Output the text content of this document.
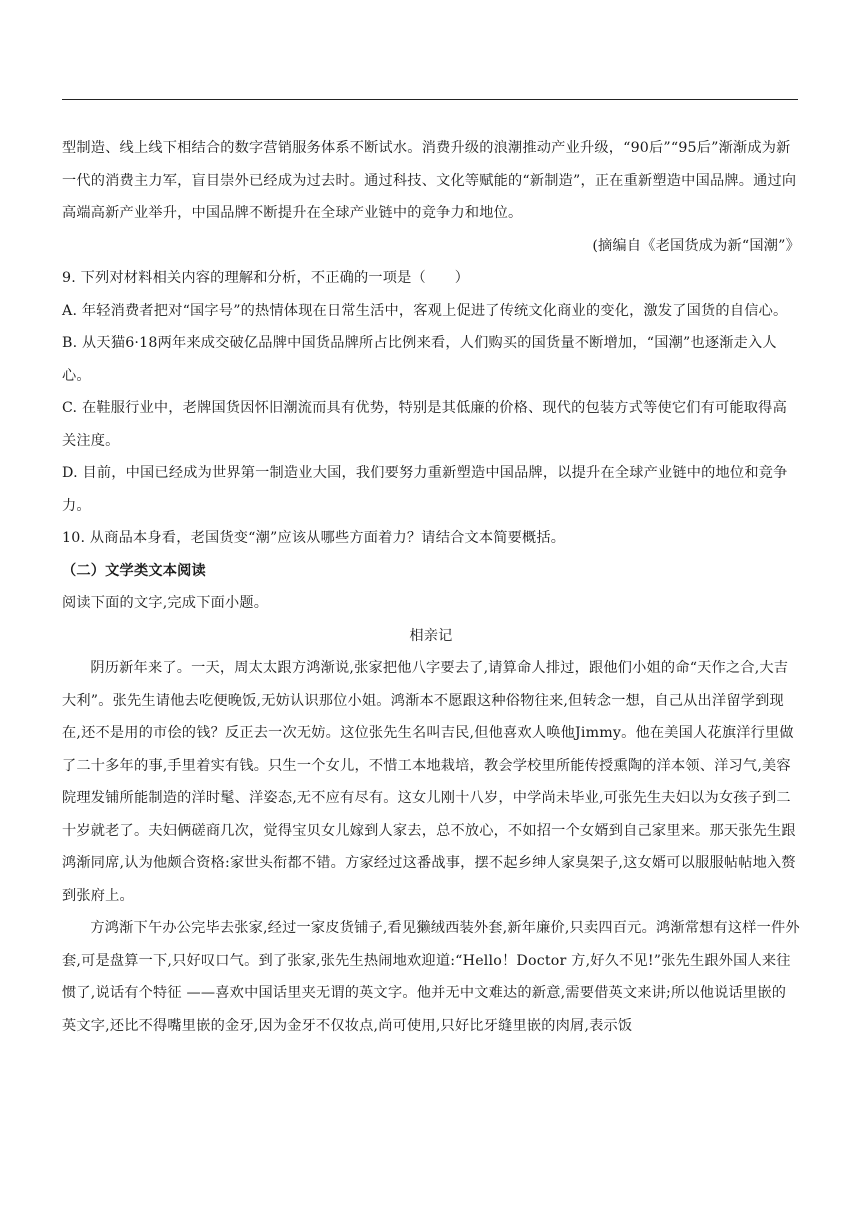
型制造、线上线下相结合的数字营销服务体系不断试水。消费升级的浪潮推动产业升级，“90后”“95后”渐渐成为新一代的消费主力军，盲目崇外已经成为过去时。通过科技、文化等赋能的“新制造”，正在重新塑造中国品牌。通过向高端高新产业举升，中国品牌不断提升在全球产业链中的竞争力和地位。

(摘编自《老国货成为新“国潮”》

9. 下列对材料相关内容的理解和分析，不正确的一项是（　　）
A. 年轻消费者把对“国字号”的热情体现在日常生活中，客观上促进了传统文化商业的变化，激发了国货的自信心。
B. 从天猫6·18两年来成交破亿品牌中国货品牌所占比例来看，人们购买的国货量不断增加，“国潮”也逐渐走入人心。
C. 在鞋服行业中，老牌国货因怀旧潮流而具有优势，特别是其低廉的价格、现代的包装方式等使它们有可能取得高关注度。
D. 目前，中国已经成为世界第一制造业大国，我们要努力重新塑造中国品牌，以提升在全球产业链中的地位和竞争力。

10. 从商品本身看，老国货变“潮”应该从哪些方面着力？请结合文本简要概括。

（二）文学类文本阅读

阅读下面的文字,完成下面小题。

相亲记

阴历新年来了。一天，周太太跟方鸿渐说,张家把他八字要去了,请算命人排过，跟他们小姐的命“天作之合,大吉大利”。张先生请他去吃便晚饭,无妨认识那位小姐。鸿渐本不愿跟这种俗物往来,但转念一想，自己从出洋留学到现在,还不是用的市侩的钱？反正去一次无妨。这位张先生名叫吉民,但他喜欢人唤他Jimmy。他在美国人花旗洋行里做了二十多年的事,手里着实有钱。只生一个女儿，不惜工本地栽培，教会学校里所能传授熏陶的洋本领、洋习气,美容院理发铺所能制造的洋时髦、洋姿态,无不应有尽有。这女儿刚十八岁，中学尚未毕业,可张先生夫妇以为女孩子到二十岁就老了。夫妇俩磋商几次，觉得宝贝女儿嫁到人家去，总不放心，不如招一个女婿到自己家里来。那天张先生跟鸿渐同席,认为他颇合资格:家世头衔都不错。方家经过这番战事，摆不起乡绅人家臭架子,这女婿可以服服帖帖地入赘到张府上。

方鸿渐下午办公完毕去张家,经过一家皮货铺子,看见獭绒西装外套,新年廉价,只卖四百元。鸿渐常想有这样一件外套,可是盘算一下,只好叹口气。到了张家,张先生热闹地欢迎道:“Hello！Doctor 方,好久不见!”张先生跟外国人来往惯了,说话有个特征 ——喜欢中国话里夹无谓的英文字。他并无中文难达的新意,需要借英文来讲;所以他说话里嵌的英文字,还比不得嘴里嵌的金牙,因为金牙不仅妆点,尚可使用,只好比牙缝里嵌的肉屑,表示饭
